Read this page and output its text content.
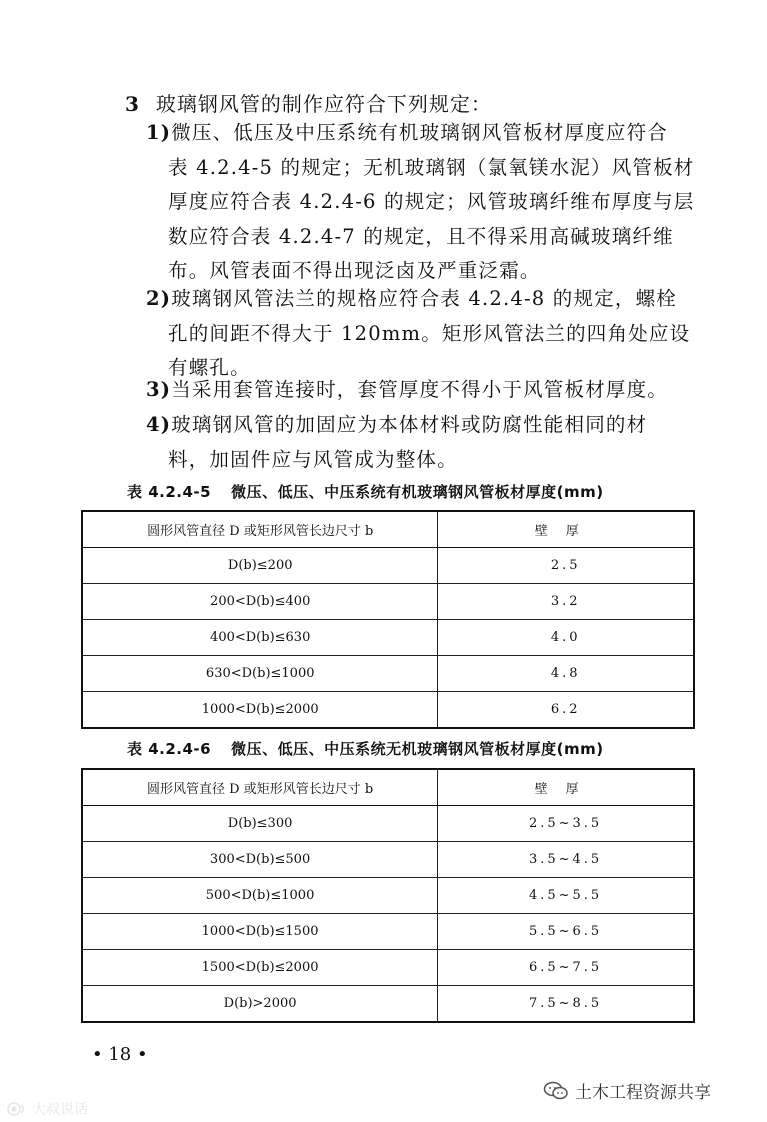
3 玻璃钢风管的制作应符合下列规定：
1)微压、低压及中压系统有机玻璃钢风管板材厚度应符合
表 4.2.4-5 的规定；无机玻璃钢（氯氧镁水泥）风管板材厚度应符合表 4.2.4-6 的规定；风管玻璃纤维布厚度与层数应符合表 4.2.4-7 的规定，且不得采用高碱玻璃纤维布。风管表面不得出现泛卤及严重泛霜。
2)玻璃钢风管法兰的规格应符合表 4.2.4-8 的规定，螺栓
孔的间距不得大于 120mm。矩形风管法兰的四角处应设有螺孔。
3)当采用套管连接时，套管厚度不得小于风管板材厚度。
4)玻璃钢风管的加固应为本体材料或防腐性能相同的材
料，加固件应与风管成为整体。
表 4.2.4-5 微压、低压、中压系统有机玻璃钢风管板材厚度(mm)
圆形风管直径 D 或矩形风管长边尺寸 b	壁厚
D(b)≤200	2.5
200<D(b)≤400	3.2
400<D(b)≤630	4.0
630<D(b)≤1000	4.8
1000<D(b)≤2000	6.2
表 4.2.4-6 微压、低压、中压系统无机玻璃钢风管板材厚度(mm)
圆形风管直径 D 或矩形风管长边尺寸 b	壁厚
D(b)≤300	2.5~3.5
300<D(b)≤500	3.5~4.5
500<D(b)≤1000	4.5~5.5
1000<D(b)≤1500	5.5~6.5
1500<D(b)≤2000	6.5~7.5
D(b)>2000	7.5~8.5
• 18 •
土木工程资源共享
大叔说话
